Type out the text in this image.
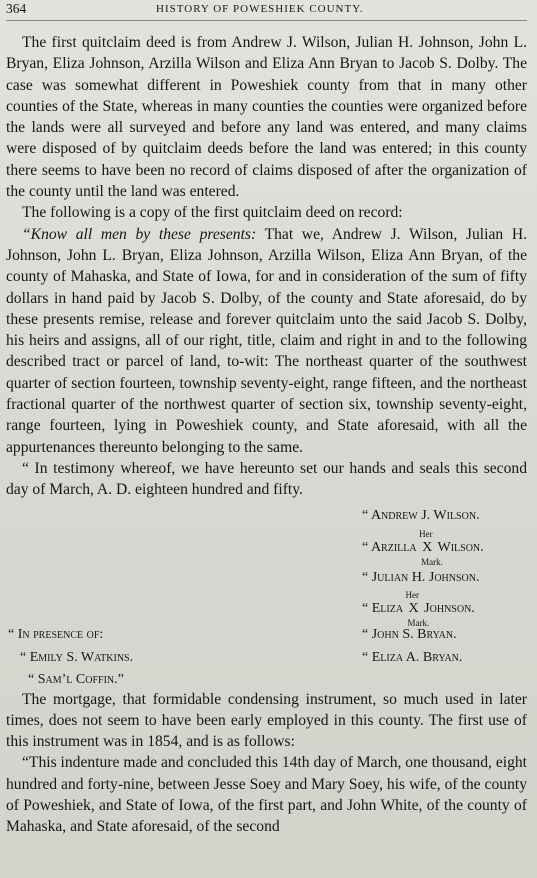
364	HISTORY OF POWESHIEK COUNTY.

The first quitclaim deed is from Andrew J. Wilson, Julian H. Johnson, John L. Bryan, Eliza Johnson, Arzilla Wilson and Eliza Ann Bryan to Jacob S. Dolby. The case was somewhat different in Poweshiek county from that in many other counties of the State, whereas in many counties the counties were organized before the lands were all surveyed and before any land was entered, and many claims were disposed of by quitclaim deeds before the land was entered; in this county there seems to have been no record of claims disposed of after the organization of the county until the land was entered.

The following is a copy of the first quitclaim deed on record:

“Know all men by these presents: That we, Andrew J. Wilson, Julian H. Johnson, John L. Bryan, Eliza Johnson, Arzilla Wilson, Eliza Ann Bryan, of the county of Mahaska, and State of Iowa, for and in consideration of the sum of fifty dollars in hand paid by Jacob S. Dolby, of the county and State aforesaid, do by these presents remise, release and forever quitclaim unto the said Jacob S. Dolby, his heirs and assigns, all of our right, title, claim and right in and to the following described tract or parcel of land, to-wit: The northeast quarter of the southwest quarter of section fourteen, township seventy-eight, range fifteen, and the northeast fractional quarter of the northwest quarter of section six, township seventy-eight, range fourteen, lying in Poweshiek county, and State aforesaid, with all the appurtenances thereunto belonging to the same.

“ In testimony whereof, we have hereunto set our hands and seals this second day of March, A. D. eighteen hundred and fifty.

“ Andrew J. Wilson.
“ Arzilla
Her
X
Mark.
Wilson.
“ Julian H. Johnson.
“ Eliza
Her
X
Mark.
Johnson.
“ In presence of:	“ John S. Bryan.
“ Emily S. Watkins.	“ Eliza A. Bryan.
“ Sam’l Coffin.”

The mortgage, that formidable condensing instrument, so much used in later times, does not seem to have been early employed in this county. The first use of this instrument was in 1854, and is as follows:

“This indenture made and concluded this 14th day of March, one thousand, eight hundred and forty-nine, between Jesse Soey and Mary Soey, his wife, of the county of Poweshiek, and State of Iowa, of the first part, and John White, of the county of Mahaska, and State aforesaid, of the second
